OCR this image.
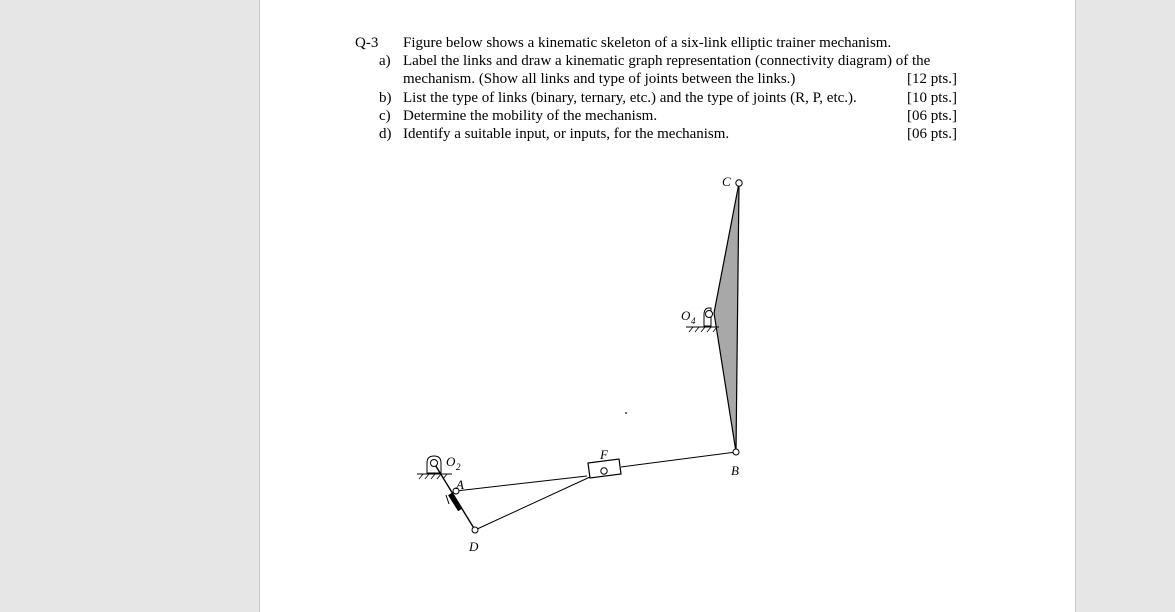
Q-3 Figure below shows a kinematic skeleton of a six-link elliptic trainer mechanism.
a) Label the links and draw a kinematic graph representation (connectivity diagram) of the
mechanism. (Show all links and type of joints between the links.)	[12 pts.]
b) List the type of links (binary, ternary, etc.) and the type of joints (R, P, etc.).	[10 pts.]
c) Determine the mobility of the mechanism.	[06 pts.]
d) Identify a suitable input, or inputs, for the mechanism.	[06 pts.]
C
O 4
O 2
A
F
B
D
